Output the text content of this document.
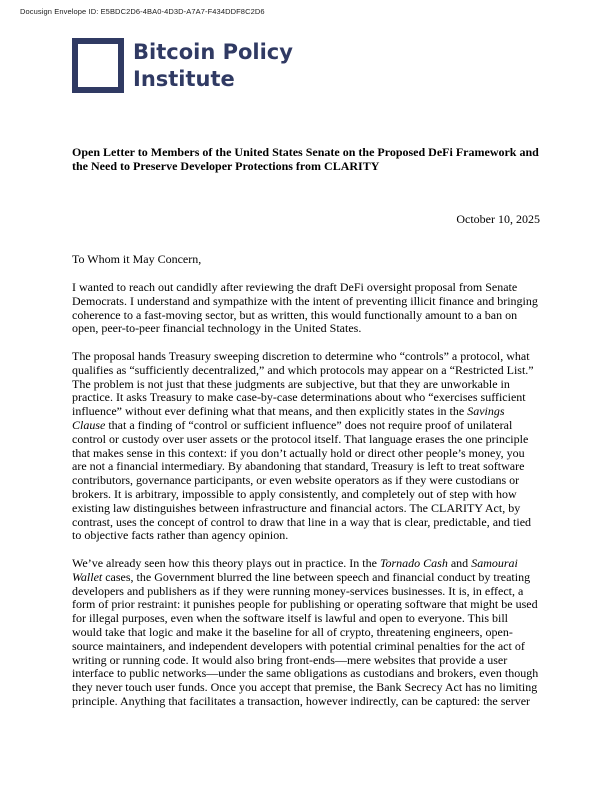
Docusign Envelope ID: E5BDC2D6-4BA0-4D3D-A7A7-F434DDF8C2D6
Bitcoin Policy
Institute
Open Letter to Members of the United States Senate on the Proposed DeFi Framework and the Need to Preserve Developer Protections from CLARITY
October 10, 2025
To Whom it May Concern,

I wanted to reach out candidly after reviewing the draft DeFi oversight proposal from Senate Democrats. I understand and sympathize with the intent of preventing illicit finance and bringing coherence to a fast-moving sector, but as written, this would functionally amount to a ban on open, peer-to-peer financial technology in the United States.

The proposal hands Treasury sweeping discretion to determine who “controls” a protocol, what qualifies as “sufficiently decentralized,” and which protocols may appear on a “Restricted List.” The problem is not just that these judgments are subjective, but that they are unworkable in practice. It asks Treasury to make case-by-case determinations about who “exercises sufficient influence” without ever defining what that means, and then explicitly states in the Savings Clause that a finding of “control or sufficient influence” does not require proof of unilateral control or custody over user assets or the protocol itself. That language erases the one principle that makes sense in this context: if you don’t actually hold or direct other people’s money, you are not a financial intermediary. By abandoning that standard, Treasury is left to treat software contributors, governance participants, or even website operators as if they were custodians or brokers. It is arbitrary, impossible to apply consistently, and completely out of step with how existing law distinguishes between infrastructure and financial actors. The CLARITY Act, by contrast, uses the concept of control to draw that line in a way that is clear, predictable, and tied to objective facts rather than agency opinion.

We’ve already seen how this theory plays out in practice. In the Tornado Cash and Samourai Wallet cases, the Government blurred the line between speech and financial conduct by treating developers and publishers as if they were running money-services businesses. It is, in effect, a form of prior restraint: it punishes people for publishing or operating software that might be used for illegal purposes, even when the software itself is lawful and open to everyone. This bill would take that logic and make it the baseline for all of crypto, threatening engineers, open-source maintainers, and independent developers with potential criminal penalties for the act of writing or running code. It would also bring front-ends—mere websites that provide a user interface to public networks—under the same obligations as custodians and brokers, even though they never touch user funds. Once you accept that premise, the Bank Secrecy Act has no limiting principle. Anything that facilitates a transaction, however indirectly, can be captured: the server
